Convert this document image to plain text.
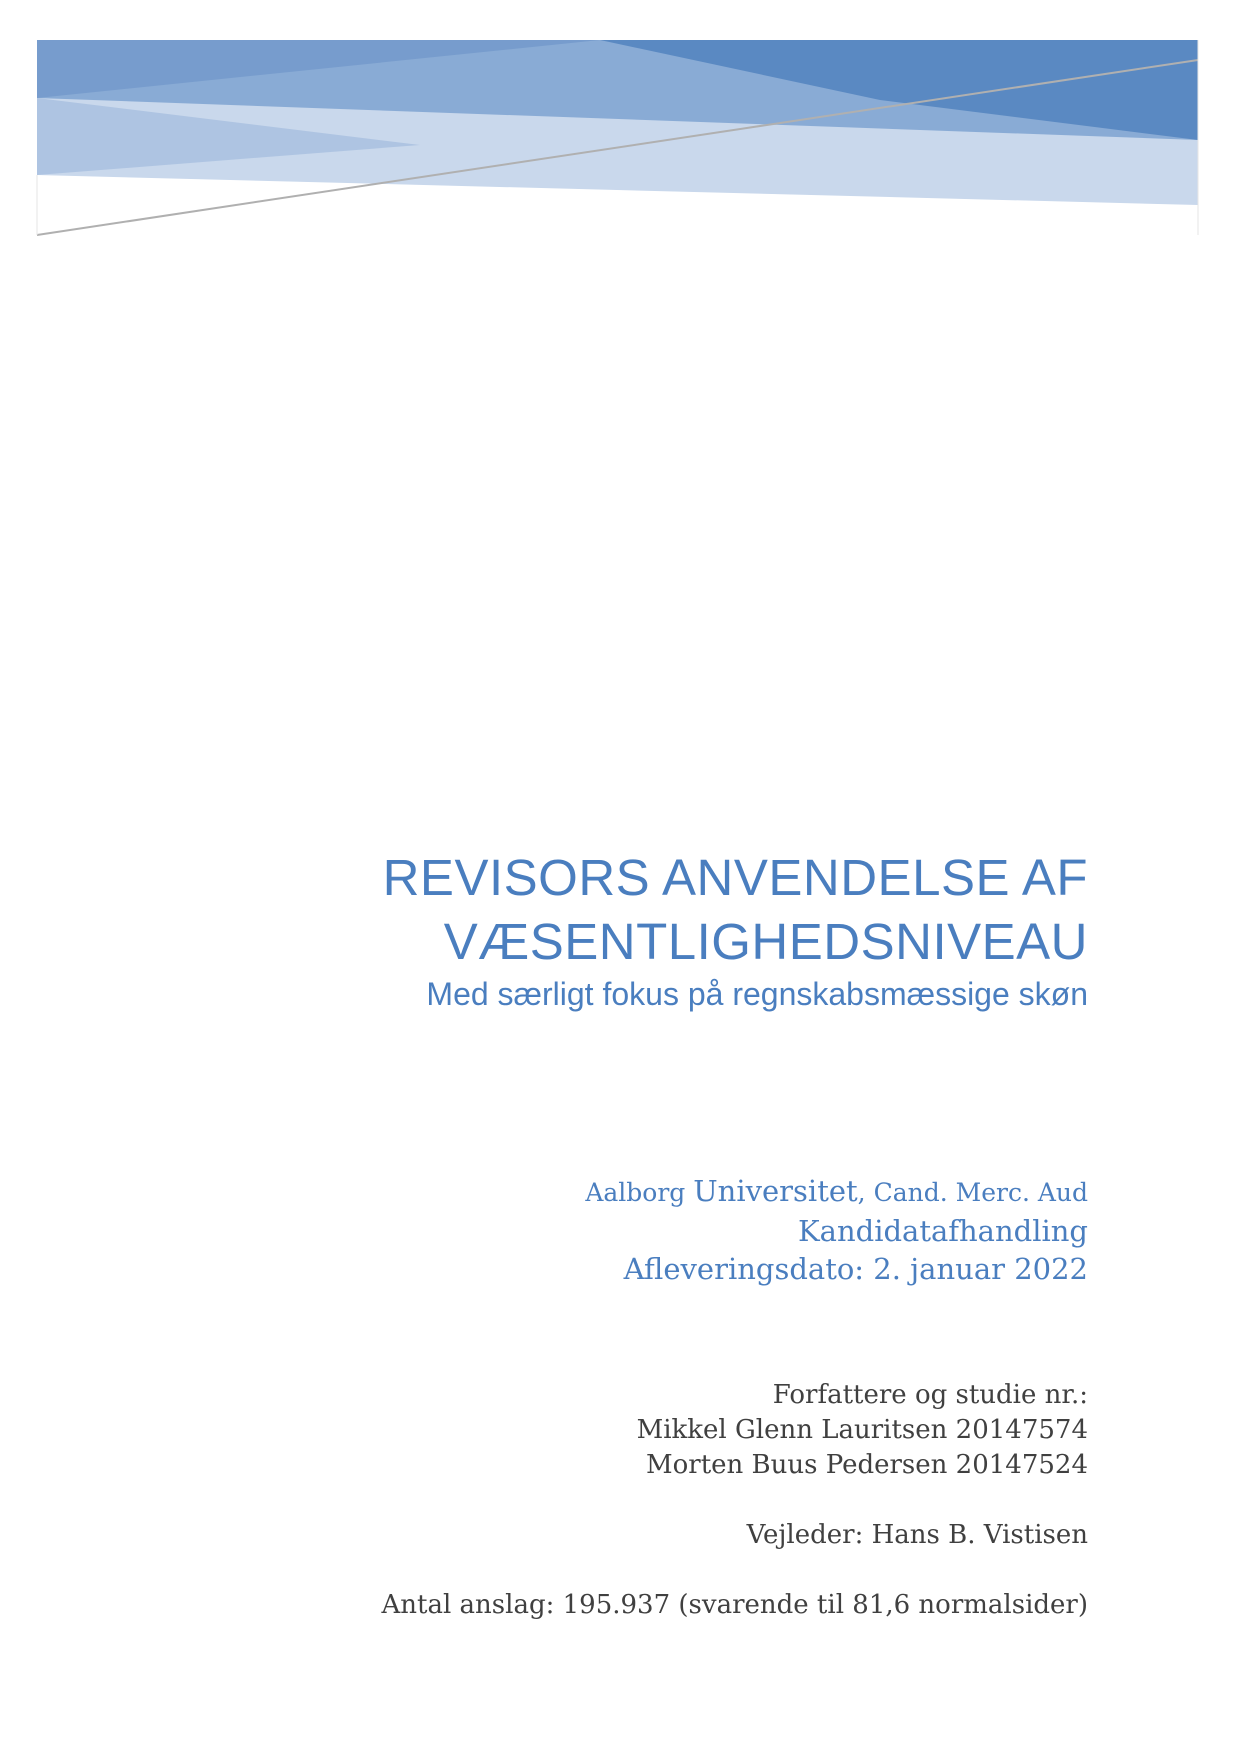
REVISORS ANVENDELSE AF
VÆSENTLIGHEDSNIVEAU
Med særligt fokus på regnskabsmæssige skøn
Aalborg Universitet, Cand. Merc. Aud
Kandidatafhandling
Afleveringsdato: 2. januar 2022
Forfattere og studie nr.:
Mikkel Glenn Lauritsen 20147574
Morten Buus Pedersen 20147524
Vejleder: Hans B. Vistisen
Antal anslag: 195.937 (svarende til 81,6 normalsider)
